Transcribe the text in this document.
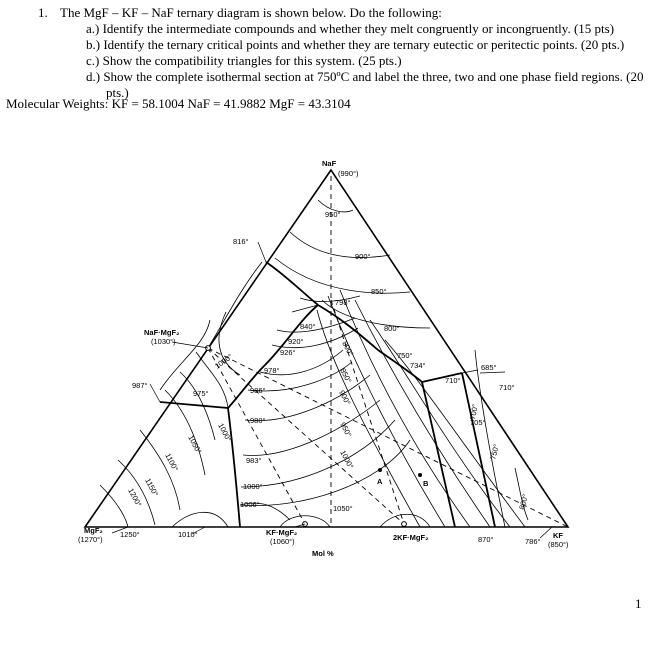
1. The MgF – KF – NaF ternary diagram is shown below. Do the following:
a.) Identify the intermediate compounds and whether they melt congruently or incongruently. (15 pts)
b.) Identify the ternary critical points and whether they are ternary eutectic or peritectic points. (20 pts.)
c.) Show the compatibility triangles for this system. (25 pts.)
d.) Show the complete isothermal section at 750ºC and label the three, two and one phase field regions. (20 pts.)
Molecular Weights: KF = 58.1004 NaF = 41.9882 MgF = 43.3104
NaF
(990°)
MgF₂
(1270°)	KF
(850°)
NaF·MgF₂
(1030°)
KF·MgF₂
(1060°)	2KF·MgF₂
Mol %
A	B
950°
900°
850°
816°
798°
800°
840°
920°
926°	750°
734°	685°
710°
710°
705°
978°
986°
980°
983°
1000°
1006°	1050°
1010°
1250°
987°
975°
870°	786°
800°
850°
900°
950°
1000°
700°
750°
800°
1000°
1000°
1050°
1100°
1150°
1200°
1
